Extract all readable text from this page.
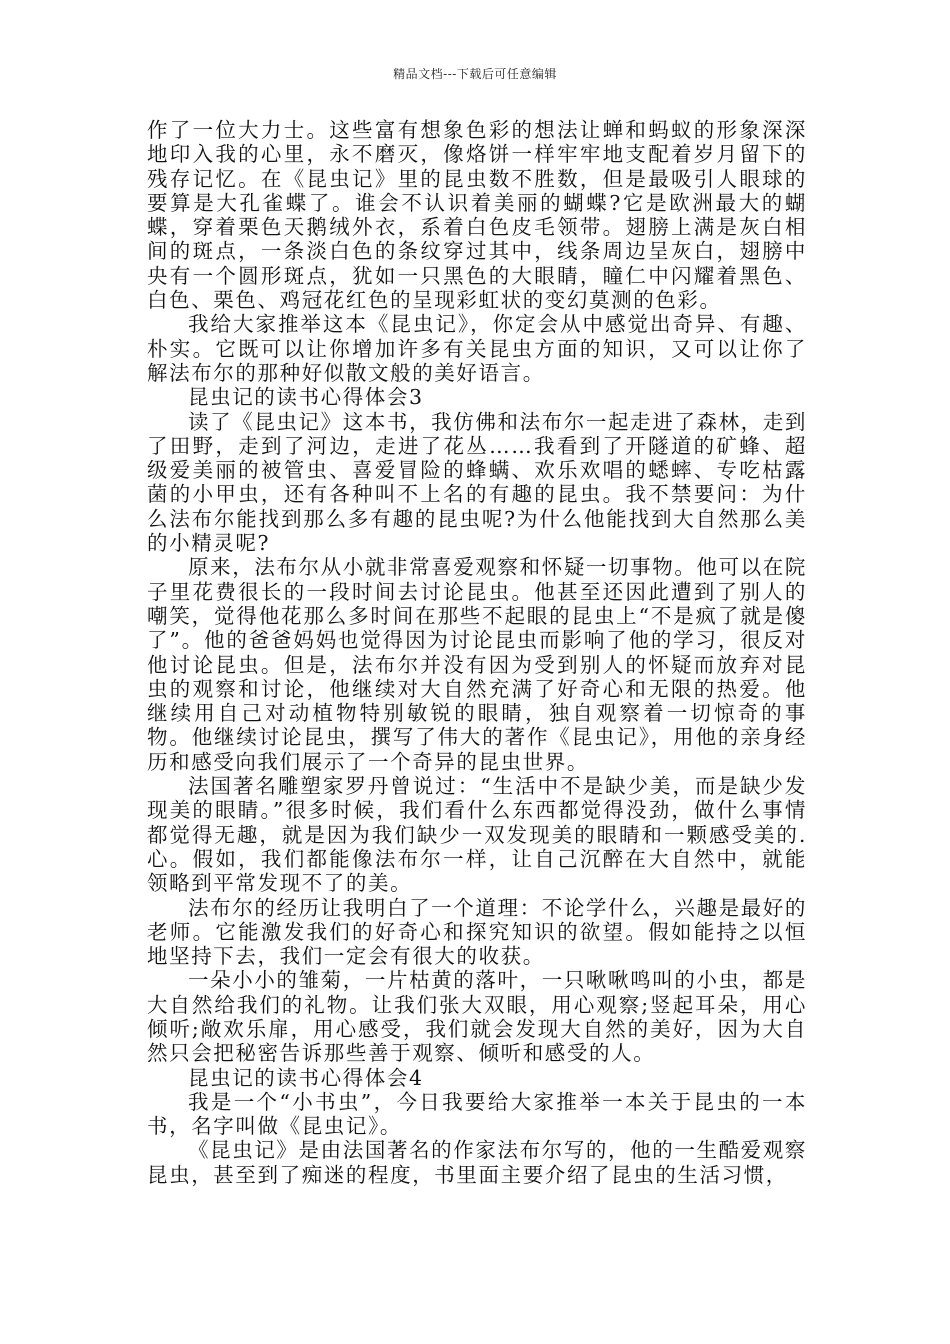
精品文档---下载后可任意编辑

作了一位大力士。这些富有想象色彩的想法让蝉和蚂蚁的形象深深地印入我的心里，永不磨灭，像烙饼一样牢牢地支配着岁月留下的残存记忆。在《昆虫记》里的昆虫数不胜数，但是最吸引人眼球的要算是大孔雀蝶了。谁会不认识着美丽的蝴蝶?它是欧洲最大的蝴蝶，穿着栗色天鹅绒外衣，系着白色皮毛领带。翅膀上满是灰白相间的斑点，一条淡白色的条纹穿过其中，线条周边呈灰白，翅膀中央有一个圆形斑点，犹如一只黑色的大眼睛，瞳仁中闪耀着黑色、白色、栗色、鸡冠花红色的呈现彩虹状的变幻莫测的色彩。

我给大家推举这本《昆虫记》，你定会从中感觉出奇异、有趣、朴实。它既可以让你增加许多有关昆虫方面的知识，又可以让你了解法布尔的那种好似散文般的美好语言。

昆虫记的读书心得体会3

读了《昆虫记》这本书，我仿佛和法布尔一起走进了森林，走到了田野，走到了河边，走进了花丛……我看到了开隧道的矿蜂、超级爱美丽的被管虫、喜爱冒险的蜂螨、欢乐欢唱的蟋蟀、专吃枯露菌的小甲虫，还有各种叫不上名的有趣的昆虫。我不禁要问：为什么法布尔能找到那么多有趣的昆虫呢?为什么他能找到大自然那么美的小精灵呢?

原来，法布尔从小就非常喜爱观察和怀疑一切事物。他可以在院子里花费很长的一段时间去讨论昆虫。他甚至还因此遭到了别人的嘲笑，觉得他花那么多时间在那些不起眼的昆虫上“不是疯了就是傻了”。他的爸爸妈妈也觉得因为讨论昆虫而影响了他的学习，很反对他讨论昆虫。但是，法布尔并没有因为受到别人的怀疑而放弃对昆虫的观察和讨论，他继续对大自然充满了好奇心和无限的热爱。他继续用自己对动植物特别敏锐的眼睛，独自观察着一切惊奇的事物。他继续讨论昆虫，撰写了伟大的著作《昆虫记》，用他的亲身经历和感受向我们展示了一个奇异的昆虫世界。

法国著名雕塑家罗丹曾说过：“生活中不是缺少美，而是缺少发现美的眼睛。”很多时候，我们看什么东西都觉得没劲，做什么事情都觉得无趣，就是因为我们缺少一双发现美的眼睛和一颗感受美的.心。假如，我们都能像法布尔一样，让自己沉醉在大自然中，就能领略到平常发现不了的美。

法布尔的经历让我明白了一个道理：不论学什么，兴趣是最好的老师。它能激发我们的好奇心和探究知识的欲望。假如能持之以恒地坚持下去，我们一定会有很大的收获。

一朵小小的雏菊，一片枯黄的落叶，一只啾啾鸣叫的小虫，都是大自然给我们的礼物。让我们张大双眼，用心观察;竖起耳朵，用心倾听;敞欢乐扉，用心感受，我们就会发现大自然的美好，因为大自然只会把秘密告诉那些善于观察、倾听和感受的人。

昆虫记的读书心得体会4

我是一个“小书虫”，今日我要给大家推举一本关于昆虫的一本书，名字叫做《昆虫记》。

《昆虫记》是由法国著名的作家法布尔写的，他的一生酷爱观察昆虫，甚至到了痴迷的程度，书里面主要介绍了昆虫的生活习惯，
